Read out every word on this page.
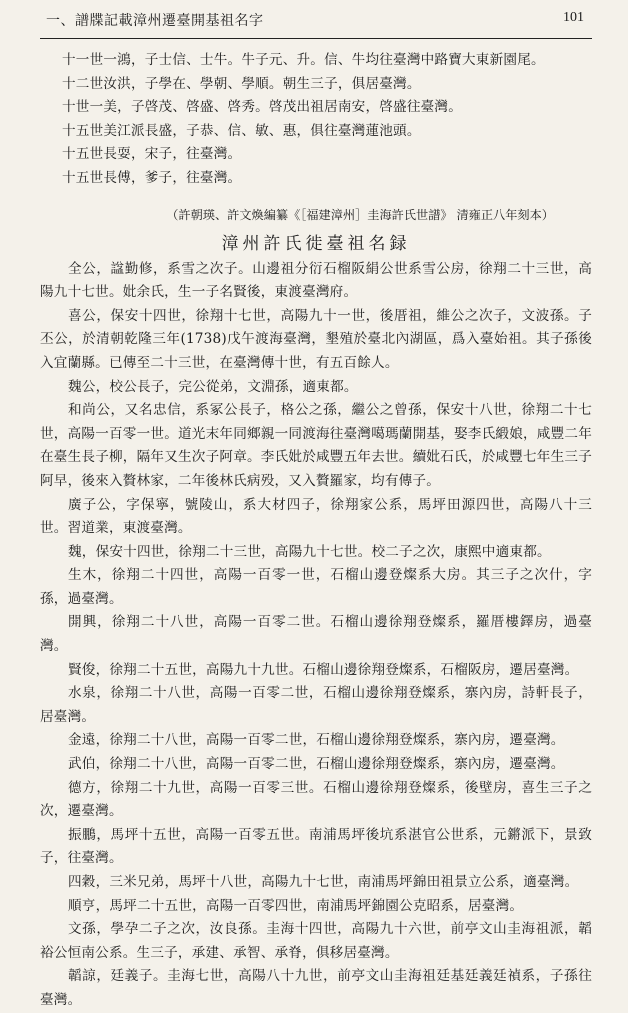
一、譜牒記載漳州遷臺開基祖名字	101

十一世一鴻，子士信、士牛。牛子元、升。信、牛均往臺灣中路寶大東新園尾。

十二世汝洪，子學在、學朝、學順。朝生三子，俱居臺灣。

十世一美，子啓茂、啓盛、啓秀。啓茂出祖居南安，啓盛往臺灣。

十五世美江派長盛，子恭、信、敏、惠，俱往臺灣蓮池頭。

十五世長耍，宋子，往臺灣。

十五世長傅，爹子，往臺灣。

（許朝瑛、許文煥編纂《［福建漳州］圭海許氏世譜》 清雍正八年刻本）
漳州許氏徙臺祖名録

全公，諡勤修，系雪之次子。山邊祖分衍石榴阪絹公世系雪公房，徐翔二十三世，高陽九十七世。妣余氏，生一子名賢後，東渡臺灣府。

喜公，保安十四世，徐翔十七世，高陽九十一世，後厝祖，維公之次子，文波孫。子丕公，於清朝乾隆三年(1738)戊午渡海臺灣，墾殖於臺北內湖區，爲入臺始祖。其子孫後入宜蘭縣。已傳至二十三世，在臺灣傳十世，有五百餘人。

魏公，校公長子，完公從弟，文淵孫，適東都。

和尚公，又名忠信，系冢公長子，格公之孫，繼公之曾孫，保安十八世，徐翔二十七世，高陽一百零一世。道光末年同鄉親一同渡海往臺灣噶瑪蘭開基，娶李氏緞娘，咸豐二年在臺生長子柳，隔年又生次子阿章。李氏妣於咸豐五年去世。續妣石氏，於咸豐七年生三子阿早，後來入贅林家，二年後林氏病殁，又入贅羅家，均有傳子。

廣子公，字保寧，號陵山，系大材四子，徐翔家公系，馬坪田源四世，高陽八十三世。習道業，東渡臺灣。

魏，保安十四世，徐翔二十三世，高陽九十七世。校二子之次，康熙中適東都。

生木，徐翔二十四世，高陽一百零一世，石榴山邊登燦系大房。其三子之次什，字孫，過臺灣。

開興，徐翔二十八世，高陽一百零二世。石榴山邊徐翔登燦系，羅厝樓鐸房，過臺灣。

賢俊，徐翔二十五世，高陽九十九世。石榴山邊徐翔登燦系，石榴阪房，遷居臺灣。

水泉，徐翔二十八世，高陽一百零二世，石榴山邊徐翔登燦系，寨內房，詩軒長子，居臺灣。

金遠，徐翔二十八世，高陽一百零二世，石榴山邊徐翔登燦系，寨內房，遷臺灣。

武伯，徐翔二十八世，高陽一百零二世，石榴山邊徐翔登燦系，寨內房，遷臺灣。

德方，徐翔二十九世，高陽一百零三世。石榴山邊徐翔登燦系，後壁房，喜生三子之次，遷臺灣。

振鵬，馬坪十五世，高陽一百零五世。南浦馬坪後坑系湛官公世系，元鏘派下，景致子，往臺灣。

四穀，三米兄弟，馬坪十八世，高陽九十七世，南浦馬坪錦田祖景立公系，適臺灣。

順亨，馬坪二十五世，高陽一百零四世，南浦馬坪錦園公克昭系，居臺灣。

文孫，學孕二子之次，汝良孫。圭海十四世，高陽九十六世，前亭文山圭海祖派，韜裕公恒南公系。生三子，承建、承智、承脊，俱移居臺灣。

韜諒，廷義子。圭海七世，高陽八十九世，前亭文山圭海祖廷基廷義廷禎系，子孫往臺灣。
